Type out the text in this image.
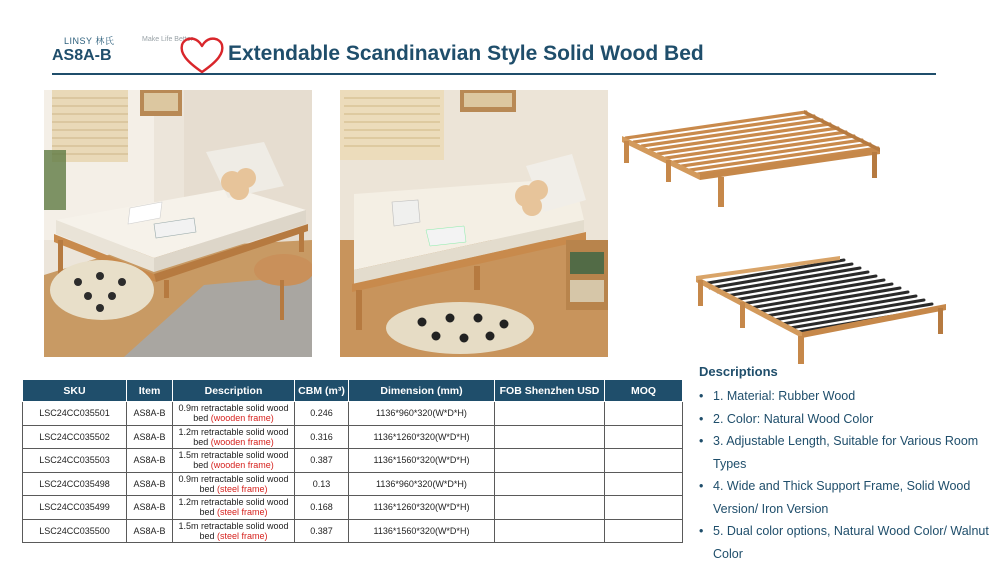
LINSY 林氏	Make Life Better
AS8A-B	Extendable Scandinavian Style Solid Wood Bed
SKU	Item	Description	CBM (m³)	Dimension (mm)	FOB Shenzhen USD	MOQ
LSC24CC035501	AS8A-B	0.9m retractable solid wood bed (wooden frame)	0.246	1136*960*320(W*D*H)		
LSC24CC035502	AS8A-B	1.2m retractable solid wood bed (wooden frame)	0.316	1136*1260*320(W*D*H)		
LSC24CC035503	AS8A-B	1.5m retractable solid wood bed (wooden frame)	0.387	1136*1560*320(W*D*H)		
LSC24CC035498	AS8A-B	0.9m retractable solid wood bed (steel frame)	0.13	1136*960*320(W*D*H)		
LSC24CC035499	AS8A-B	1.2m retractable solid wood bed (steel frame)	0.168	1136*1260*320(W*D*H)		
LSC24CC035500	AS8A-B	1.5m retractable solid wood bed (steel frame)	0.387	1136*1560*320(W*D*H)		
Descriptions
• 1. Material: Rubber Wood
• 2. Color: Natural Wood Color
• 3. Adjustable Length, Suitable for Various Room Types
• 4. Wide and Thick Support Frame, Solid Wood Version/ Iron Version
• 5. Dual color options, Natural Wood Color/ Walnut Color
